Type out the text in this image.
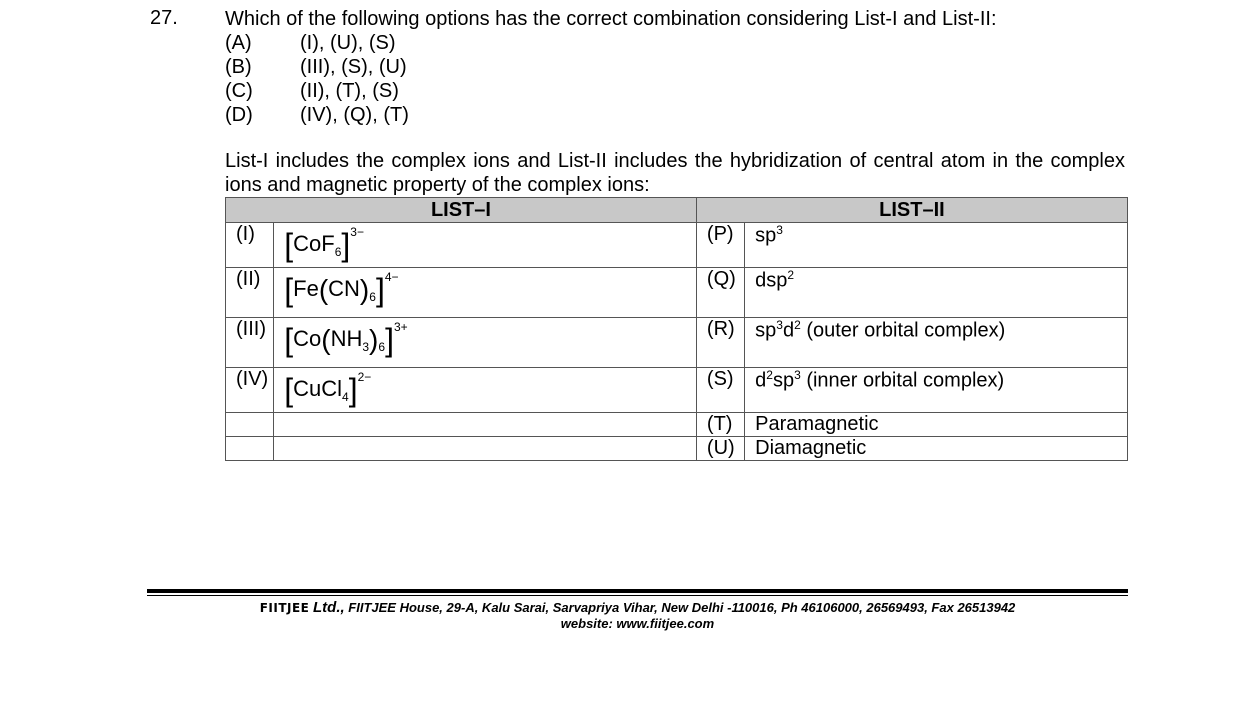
27. Which of the following options has the correct combination considering List-I and List-II:
(A)	(I), (U), (S)
(B)	(III), (S), (U)
(C)	(II), (T), (S)
(D)	(IV), (Q), (T)
List-I includes the complex ions and List-II includes the hybridization of central atom in the complex ions and magnetic property of the complex ions:
LIST–I		LIST–II	
(I)	$[CoF_6]^{3-}$	(P)	$sp^3$
(II)	$[Fe(CN)_6]^{4-}$	(Q)	dsp$^2$
(III)	$[Co(NH_3)_6]^{3+}$	(R)	$sp^3d^2$ (outer orbital complex)
(IV)	[CuCl$_4$]$^{2-}$	(S)	$d^2sp^3$ (inner orbital complex)
		(T)	Paramagnetic
		(U)	Diamagnetic
FIITJEE Ltd., FIITJEE House, 29-A, Kalu Sarai, Sarvapriya Vihar, New Delhi -110016, Ph 46106000, 26569493, Fax 26513942
website: www.fiitjee.com
